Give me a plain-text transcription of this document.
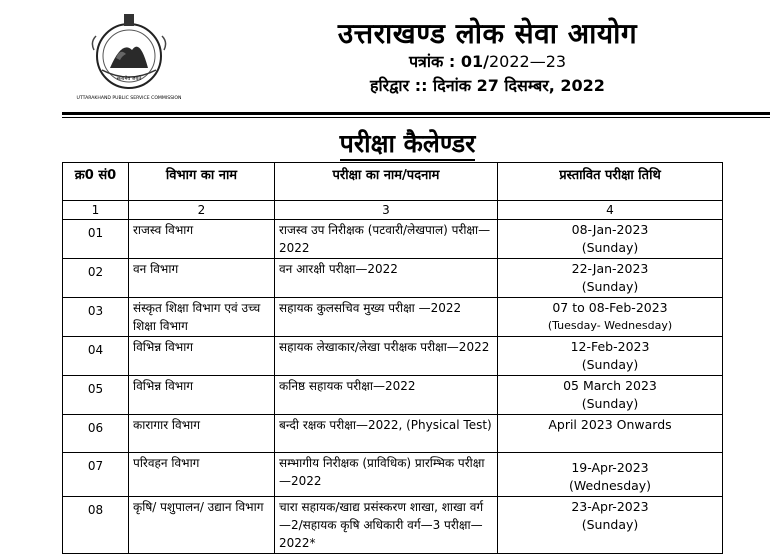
सत्यमेव जयते
UTTARAKHAND PUBLIC SERVICE COMMISSION
उत्तराखण्ड लोक सेवा आयोग
पत्रांक : 01/2022—23
हरिद्वार :: दिनांक 27 दिसम्बर, 2022
परीक्षा कैलेण्डर
क्र0 सं0	विभाग का नाम	परीक्षा का नाम/पदनाम	प्रस्तावित परीक्षा तिथि
1	2	3	4
01	राजस्व विभाग	राजस्व उप निरीक्षक (पटवारी/लेखपाल) परीक्षा—2022	08-Jan-2023
(Sunday)

02	वन विभाग	वन आरक्षी परीक्षा—2022	22-Jan-2023
(Sunday)

03	संस्कृत शिक्षा विभाग एवं उच्च शिक्षा विभाग	सहायक कुलसचिव मुख्य परीक्षा —2022	07 to 08-Feb-2023
(Tuesday- Wednesday)

04	विभिन्न विभाग	सहायक लेखाकार/लेखा परीक्षक परीक्षा—2022	12-Feb-2023
(Sunday)

05	विभिन्न विभाग	कनिष्ठ सहायक परीक्षा—2022	05 March 2023
(Sunday)

06	कारागार विभाग	बन्दी रक्षक परीक्षा—2022, (Physical Test)	April 2023 Onwards

07	परिवहन विभाग	सम्भागीय निरीक्षक (प्राविधिक) प्रारम्भिक परीक्षा —2022	19-Apr-2023
(Wednesday)

08	कृषि/ पशुपालन/ उद्यान विभाग	चारा सहायक/खाद्य प्रसंस्करण शाखा, शाखा वर्ग—2/सहायक कृषि अधिकारी वर्ग—3 परीक्षा—2022*	23-Apr-2023
(Sunday)
